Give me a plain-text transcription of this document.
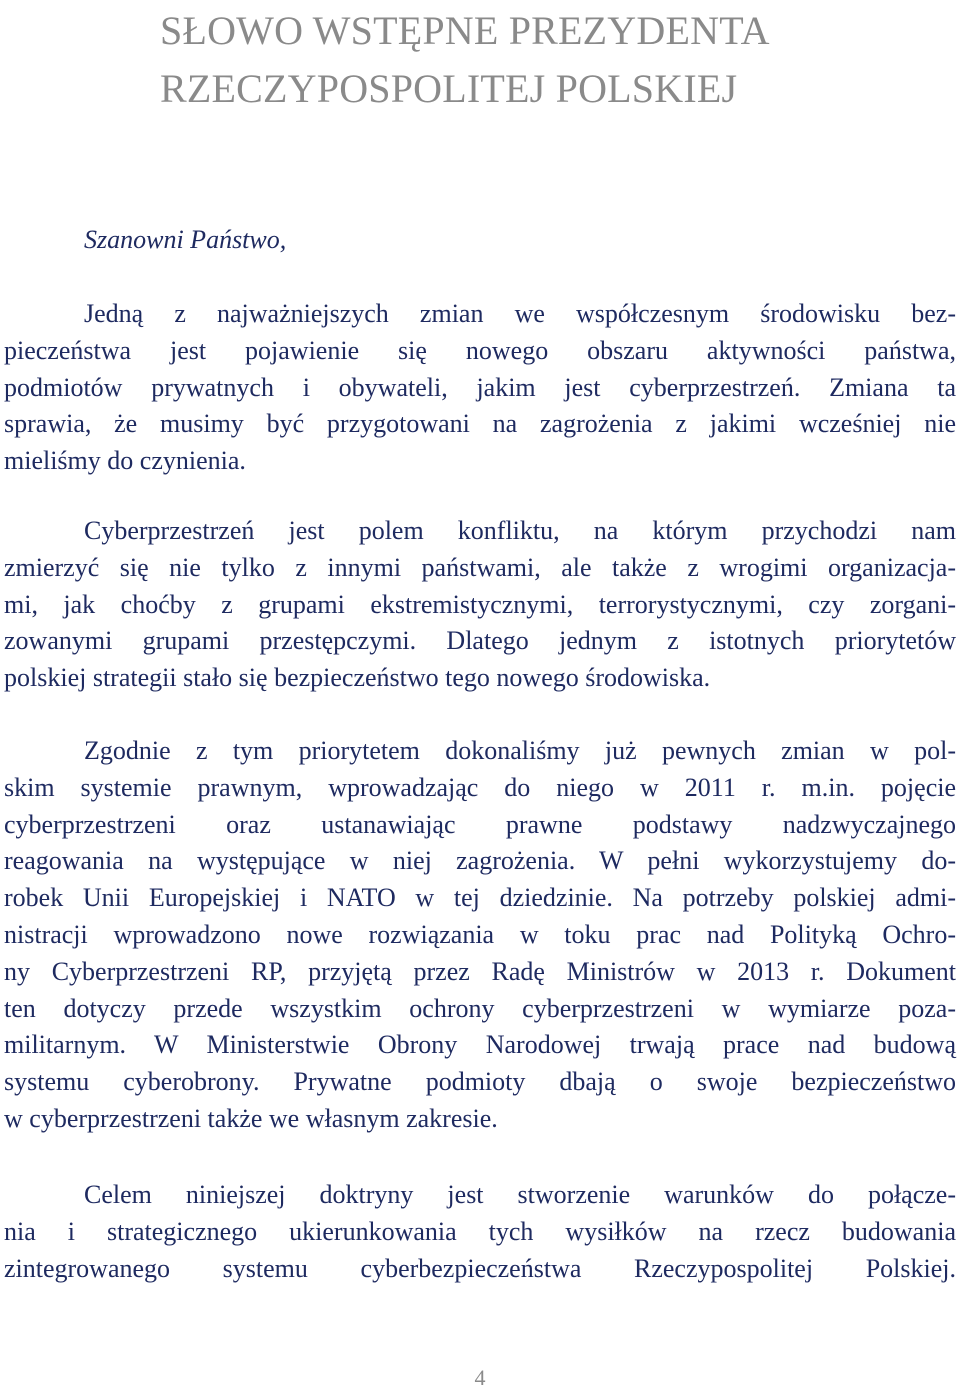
SŁOWO WSTĘPNE PREZYDENTA
RZECZYPOSPOLITEJ POLSKIEJ

Szanowni Państwo,

Jedną z najważniejszych zmian we współczesnym środowisku bez-
pieczeństwa jest pojawienie się nowego obszaru aktywności państwa,
podmiotów prywatnych i obywateli, jakim jest cyberprzestrzeń. Zmiana ta
sprawia, że musimy być przygotowani na zagrożenia z jakimi wcześniej nie
mieliśmy do czynienia.
Cyberprzestrzeń jest polem konfliktu, na którym przychodzi nam
zmierzyć się nie tylko z innymi państwami, ale także z wrogimi organizacja-
mi, jak choćby z grupami ekstremistycznymi, terrorystycznymi, czy zorgani-
zowanymi grupami przestępczymi. Dlatego jednym z istotnych priorytetów
polskiej strategii stało się bezpieczeństwo tego nowego środowiska.
Zgodnie z tym priorytetem dokonaliśmy już pewnych zmian w pol-
skim systemie prawnym, wprowadzając do niego w 2011 r. m.in. pojęcie
cyberprzestrzeni oraz ustanawiając prawne podstawy nadzwyczajnego
reagowania na występujące w niej zagrożenia. W pełni wykorzystujemy do-
robek Unii Europejskiej i NATO w tej dziedzinie. Na potrzeby polskiej admi-
nistracji wprowadzono nowe rozwiązania w toku prac nad Polityką Ochro-
ny Cyberprzestrzeni RP, przyjętą przez Radę Ministrów w 2013 r. Dokument
ten dotyczy przede wszystkim ochrony cyberprzestrzeni w wymiarze poza-
militarnym. W Ministerstwie Obrony Narodowej trwają prace nad budową
systemu cyberobrony. Prywatne podmioty dbają o swoje bezpieczeństwo
w cyberprzestrzeni także we własnym zakresie.
Celem niniejszej doktryny jest stworzenie warunków do połącze-
nia i strategicznego ukierunkowania tych wysiłków na rzecz budowania
zintegrowanego systemu cyberbezpieczeństwa Rzeczypospolitej Polskiej.
4
